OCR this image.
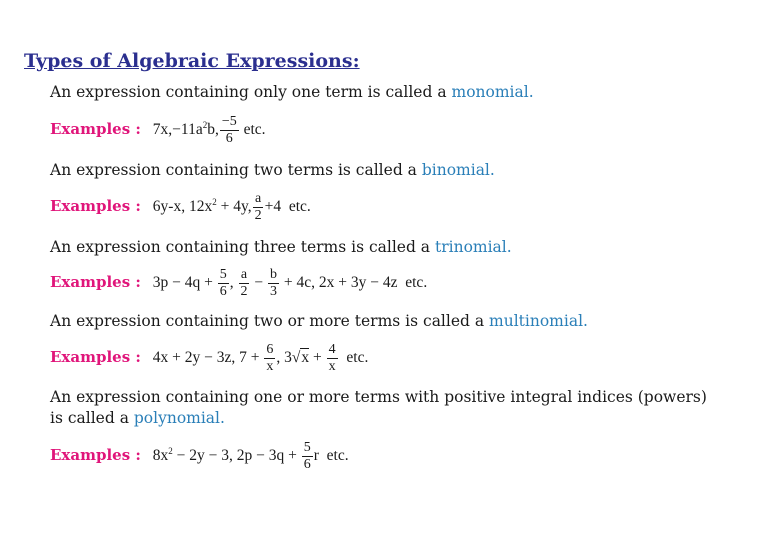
Types of Algebraic Expressions:
An expression containing only one term is called a monomial.
Examples : $7x,-11a^2b$, $\frac{-5}{6}$ etc.
An expression containing two terms is called a binomial.
Examples : 6y-x, $12x^2 + 4y$, $\frac{a}{2} +4$  etc.
An expression containing three terms is called a trinomial.
Examples : $3p - 4q + \frac{5}{6}$ , $\frac{a}{2} - \frac{b}{3} + 4c$, 2x + 3y − 4z  etc.
An expression containing two or more terms is called a multinomial.
Examples : 4x + 2y − 3z, $7 + \frac{6}{x}$ , $3√x + \frac{4}{x}$ etc.
An expression containing one or more terms with positive integral indices (powers)
is called a polynomial.
Examples : $8x^2 - 2y - 3$, $2p - 3q + \frac{5}{6}$ r  etc.
